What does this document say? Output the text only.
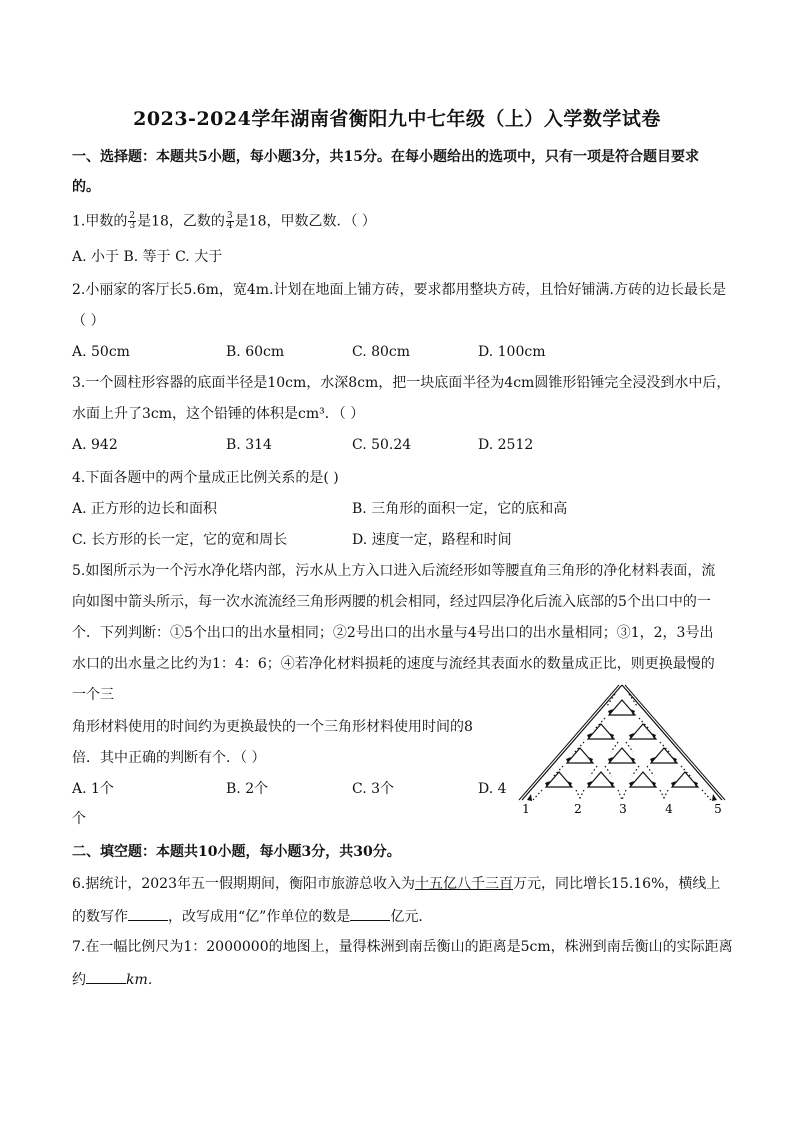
2023-2024学年湖南省衡阳九中七年级（上）入学数学试卷
一、选择题：本题共5小题，每小题3分，共15分。在每小题给出的选项中，只有一项是符合题目要求
的。
1.甲数的 $\frac{2}{3}$ 是18，乙数的 $\frac{3}{4}$ 是18，甲数乙数．（ ）
A. 小于 B. 等于 C. 大于
2.小丽家的客厅长5.6m，宽4m.计划在地面上铺方砖，要求都用整块方砖，且恰好铺满.方砖的边长最长是
（ ）
A. 50cm	B. 60cm	C. 80cm	D. 100cm
3.一个圆柱形容器的底面半径是10cm，水深8cm，把一块底面半径为4cm圆锥形铅锤完全浸没到水中后，
水面上升了3cm，这个铅锤的体积是cm³．（ ）
A. 942	B. 314	C. 50.24	D. 2512
4.下面各题中的两个量成正比例关系的是( )
A. 正方形的边长和面积	B. 三角形的面积一定，它的底和高
C. 长方形的长一定，它的宽和周长	D. 速度一定，路程和时间
5.如图所示为一个污水净化塔内部，污水从上方入口进入后流经形如等腰直角三角形的净化材料表面，流
向如图中箭头所示，每一次水流流经三角形两腰的机会相同，经过四层净化后流入底部的5个出口中的一
个．下列判断：①5个出口的出水量相同；②2号出口的出水量与4号出口的出水量相同；③1，2，3号出
水口的出水量之比约为1：4：6；④若净化材料损耗的速度与流经其表面水的数量成正比，则更换最慢的
一个三
角形材料使用的时间约为更换最快的一个三角形材料使用时间的8
倍．其中正确的判断有个．（ ）
A. 1个	B. 2个	C. 3个	D. 4
个
1	2	3	4	5
二、填空题：本题共10小题，每小题3分，共30分。
6.据统计，2023年五一假期期间，衡阳市旅游总收入为十五亿八千三百万元，同比增长15.16%，横线上
的数写作	，改写成用“亿”作单位的数是	亿元．
7.在一幅比例尺为1：2000000的地图上，量得株洲到南岳衡山的距离是5cm，株洲到南岳衡山的实际距离
约	km．
